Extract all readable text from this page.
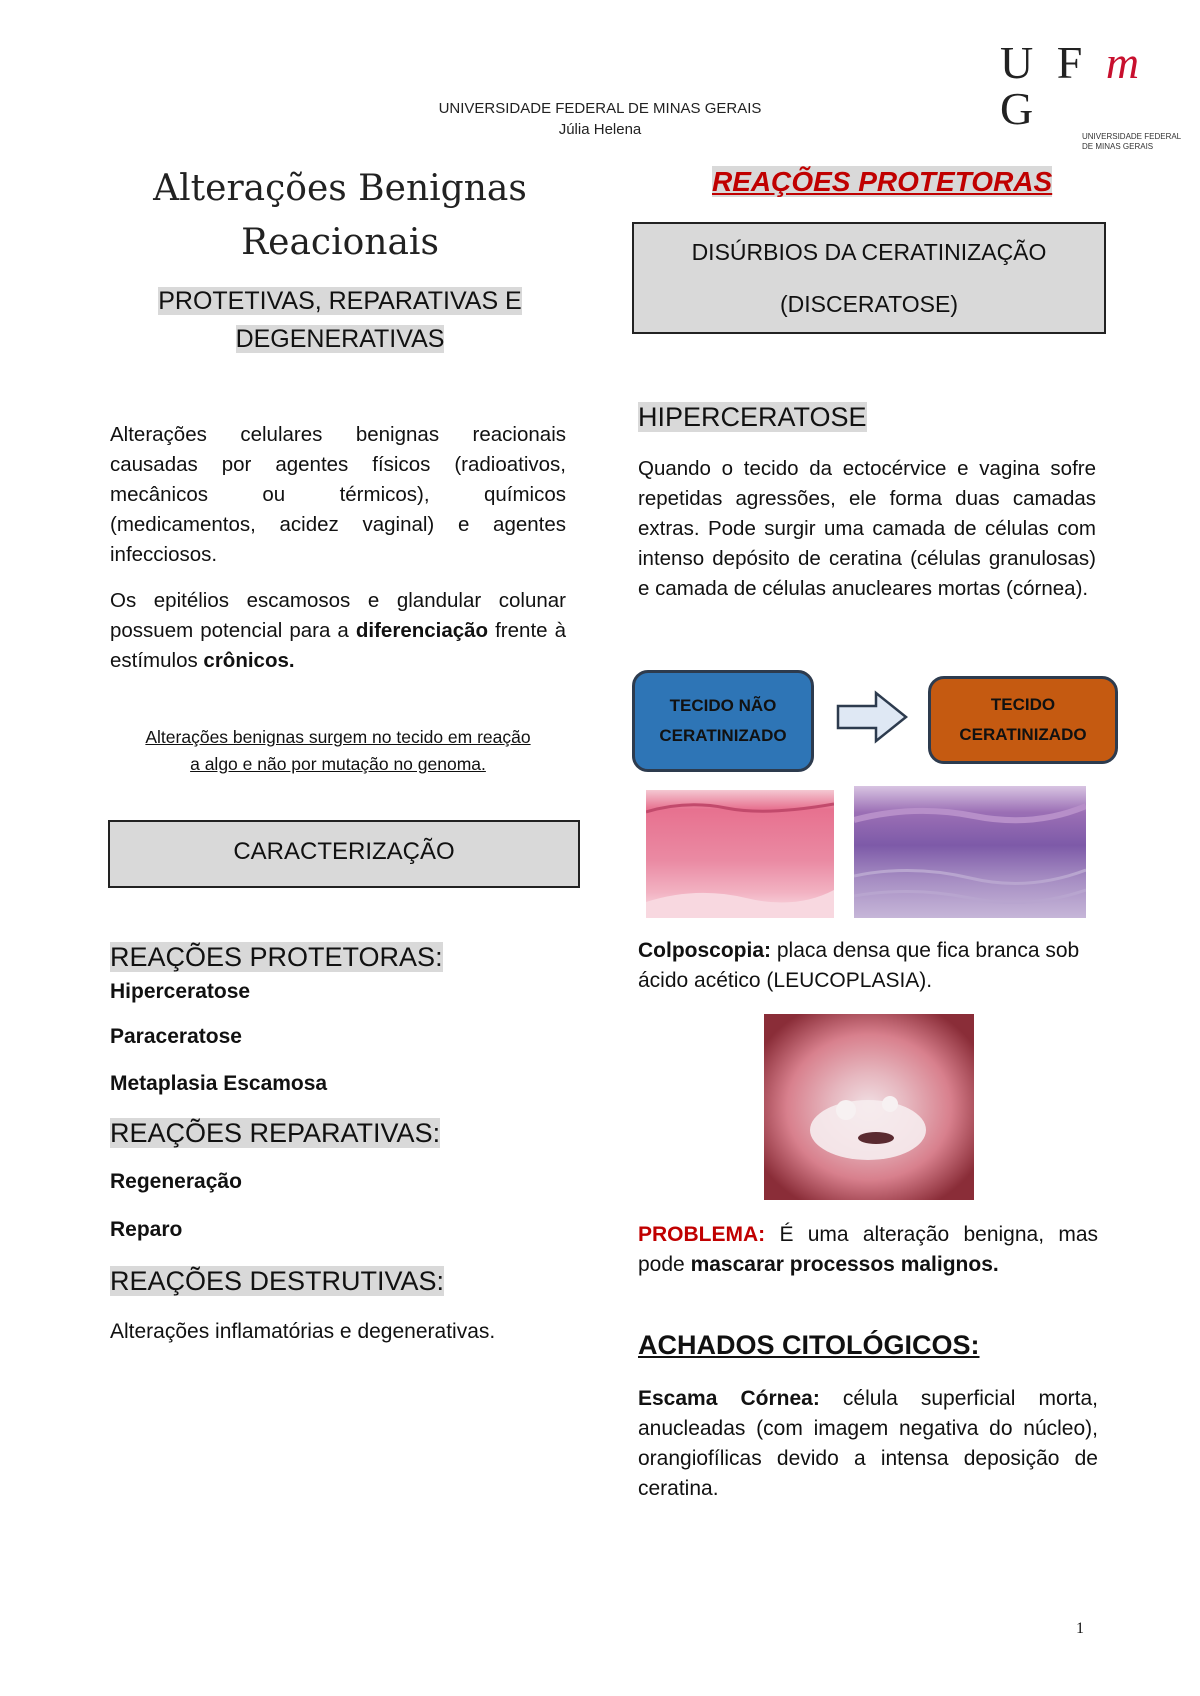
UNIVERSIDADE FEDERAL DE MINAS GERAIS
Júlia Helena
U F m G
UNIVERSIDADE FEDERAL DE MINAS GERAIS
Alterações Benignas
Reacionais
PROTETIVAS, REPARATIVAS E
DEGENERATIVAS
Alterações celulares benignas reacionais causadas por agentes físicos (radioativos, mecânicos ou térmicos), químicos (medicamentos, acidez vaginal) e agentes infecciosos.
Os epitélios escamosos e glandular colunar possuem potencial para a diferenciação frente à estímulos crônicos.
Alterações benignas surgem no tecido em reação
a algo e não por mutação no genoma.
CARACTERIZAÇÃO
REAÇÕES PROTETORAS:
Hiperceratose
Paraceratose
Metaplasia Escamosa
REAÇÕES REPARATIVAS:
Regeneração
Reparo
REAÇÕES DESTRUTIVAS:
Alterações inflamatórias e degenerativas.
REAÇÕES PROTETORAS
DISÚRBIOS DA CERATINIZAÇÃO
(DISCERATOSE)
HIPERCERATOSE
Quando o tecido da ectocérvice e vagina sofre repetidas agressões, ele forma duas camadas extras. Pode surgir uma camada de células com intenso depósito de ceratina (células granulosas) e camada de células anucleares mortas (córnea).
TECIDO NÃO
CERATINIZADO
TECIDO
CERATINIZADO
Colposcopia: placa densa que fica branca sob ácido acético (LEUCOPLASIA).
PROBLEMA: É uma alteração benigna, mas pode mascarar processos malignos.
ACHADOS CITOLÓGICOS:
Escama Córnea: célula superficial morta, anucleadas (com imagem negativa do núcleo), orangiofílicas devido a intensa deposição de ceratina.
1
